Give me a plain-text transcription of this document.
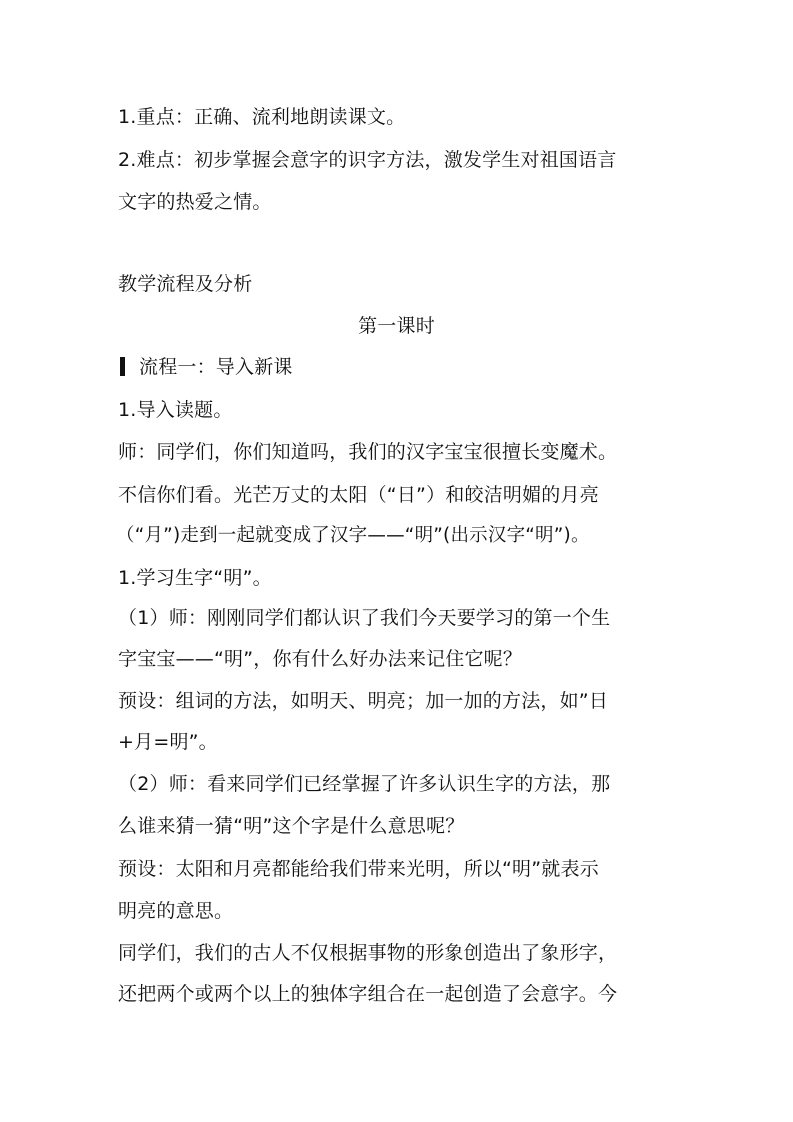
1.重点：正确、流利地朗读课文。
2.难点：初步掌握会意字的识字方法，激发学生对祖国语言
文字的热爱之情。
教学流程及分析
第一课时
流程一：导入新课
1.导入读题。
师：同学们，你们知道吗，我们的汉字宝宝很擅长变魔术。
不信你们看。光芒万丈的太阳（“日”）和皎洁明媚的月亮
（“月”)走到一起就变成了汉字——“明”(出示汉字“明”)。
1.学习生字“明”。
（1）师：刚刚同学们都认识了我们今天要学习的第一个生
字宝宝——“明”，你有什么好办法来记住它呢？
预设：组词的方法，如明天、明亮；加一加的方法，如”日
+月=明”。
（2）师：看来同学们已经掌握了许多认识生字的方法，那
么谁来猜一猜“明”这个字是什么意思呢？
预设：太阳和月亮都能给我们带来光明，所以“明”就表示
明亮的意思。
同学们，我们的古人不仅根据事物的形象创造出了象形字，
还把两个或两个以上的独体字组合在一起创造了会意字。今
